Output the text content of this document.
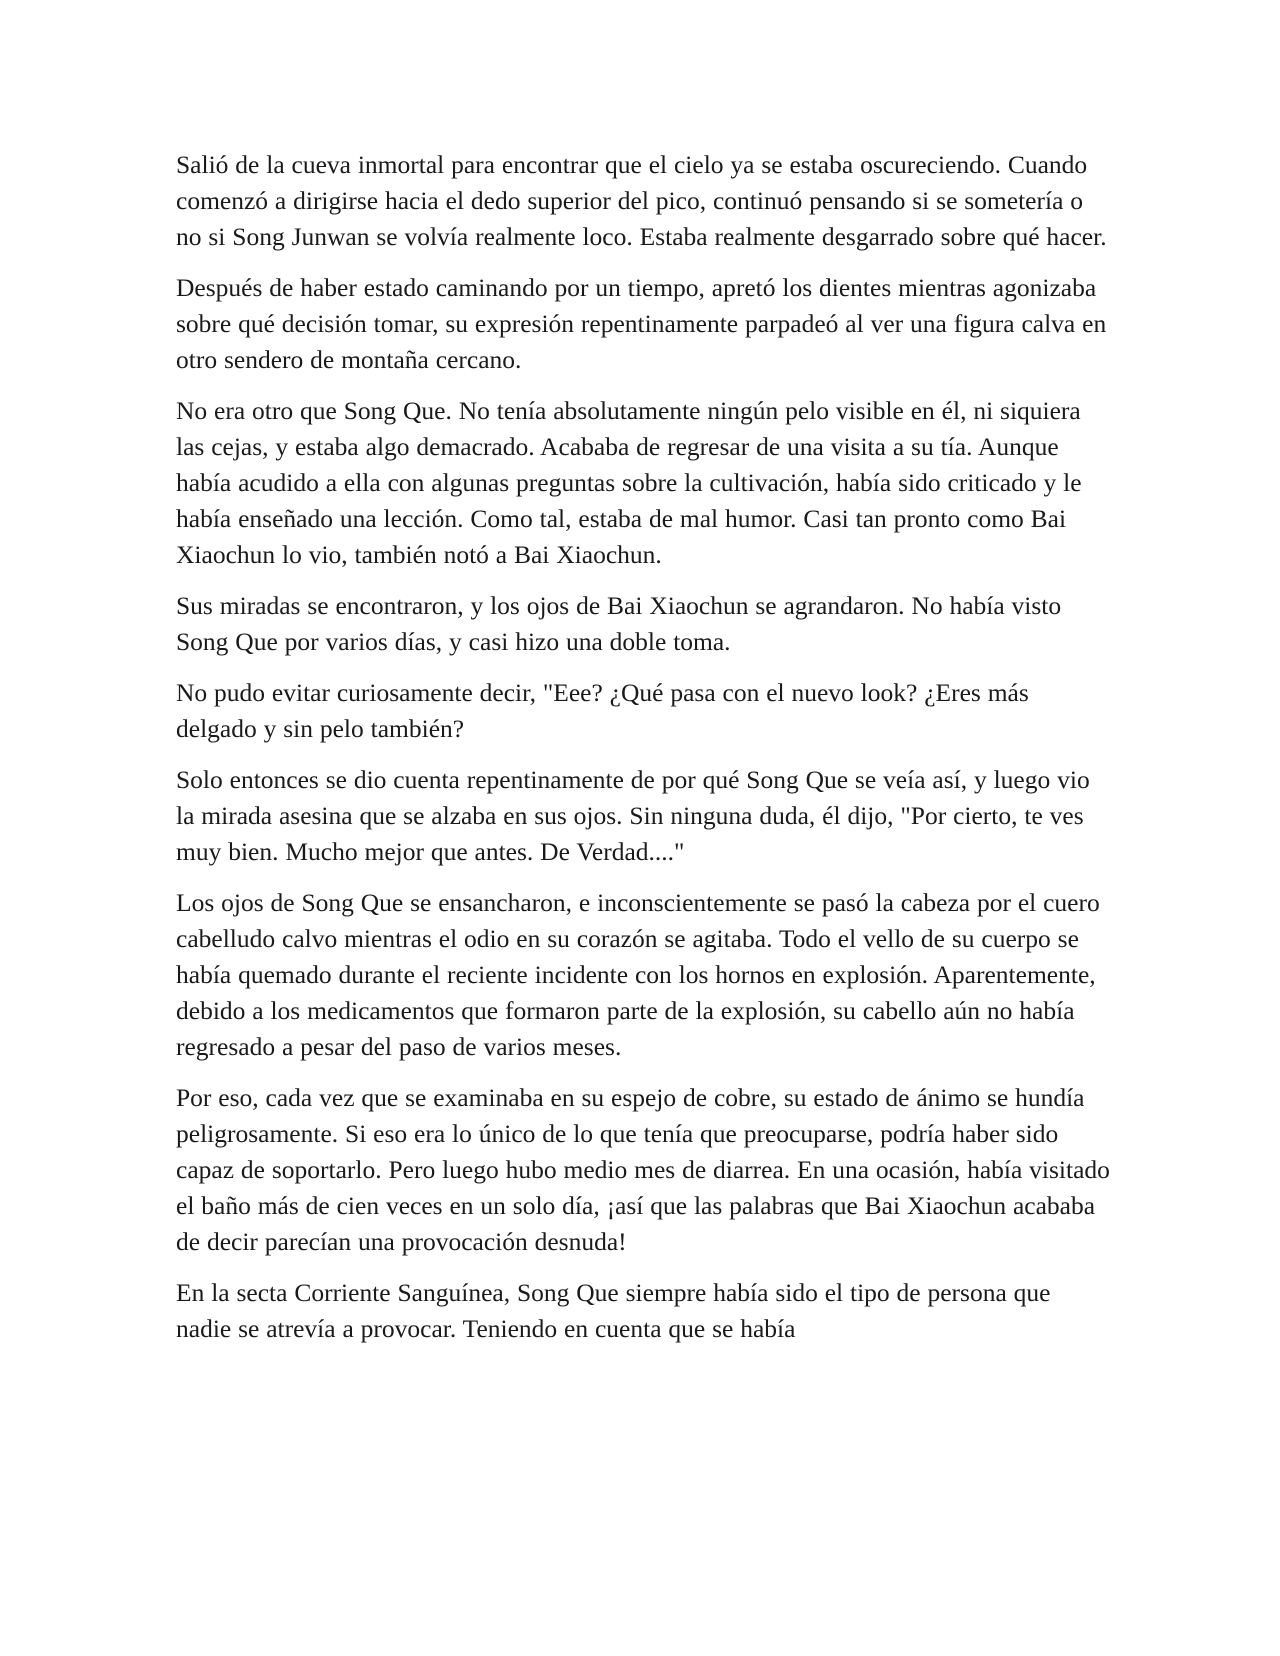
Salió de la cueva inmortal para encontrar que el cielo ya se estaba oscureciendo. Cuando comenzó a dirigirse hacia el dedo superior del pico, continuó pensando si se sometería o no si Song Junwan se volvía realmente loco. Estaba realmente desgarrado sobre qué hacer.

Después de haber estado caminando por un tiempo, apretó los dientes mientras agonizaba sobre qué decisión tomar, su expresión repentinamente parpadeó al ver una figura calva en otro sendero de montaña cercano.

No era otro que Song Que. No tenía absolutamente ningún pelo visible en él, ni siquiera las cejas, y estaba algo demacrado. Acababa de regresar de una visita a su tía. Aunque había acudido a ella con algunas preguntas sobre la cultivación, había sido criticado y le había enseñado una lección. Como tal, estaba de mal humor. Casi tan pronto como Bai Xiaochun lo vio, también notó a Bai Xiaochun.

Sus miradas se encontraron, y los ojos de Bai Xiaochun se agrandaron. No había visto Song Que por varios días, y casi hizo una doble toma.

No pudo evitar curiosamente decir, "Eee? ¿Qué pasa con el nuevo look? ¿Eres más delgado y sin pelo también?

Solo entonces se dio cuenta repentinamente de por qué Song Que se veía así, y luego vio la mirada asesina que se alzaba en sus ojos. Sin ninguna duda, él dijo, "Por cierto, te ves muy bien. Mucho mejor que antes. De Verdad...."

Los ojos de Song Que se ensancharon, e inconscientemente se pasó la cabeza por el cuero cabelludo calvo mientras el odio en su corazón se agitaba. Todo el vello de su cuerpo se había quemado durante el reciente incidente con los hornos en explosión. Aparentemente, debido a los medicamentos que formaron parte de la explosión, su cabello aún no había regresado a pesar del paso de varios meses.

Por eso, cada vez que se examinaba en su espejo de cobre, su estado de ánimo se hundía peligrosamente. Si eso era lo único de lo que tenía que preocuparse, podría haber sido capaz de soportarlo. Pero luego hubo medio mes de diarrea. En una ocasión, había visitado el baño más de cien veces en un solo día, ¡así que las palabras que Bai Xiaochun acababa de decir parecían una provocación desnuda!

En la secta Corriente Sanguínea, Song Que siempre había sido el tipo de persona que nadie se atrevía a provocar. Teniendo en cuenta que se había
